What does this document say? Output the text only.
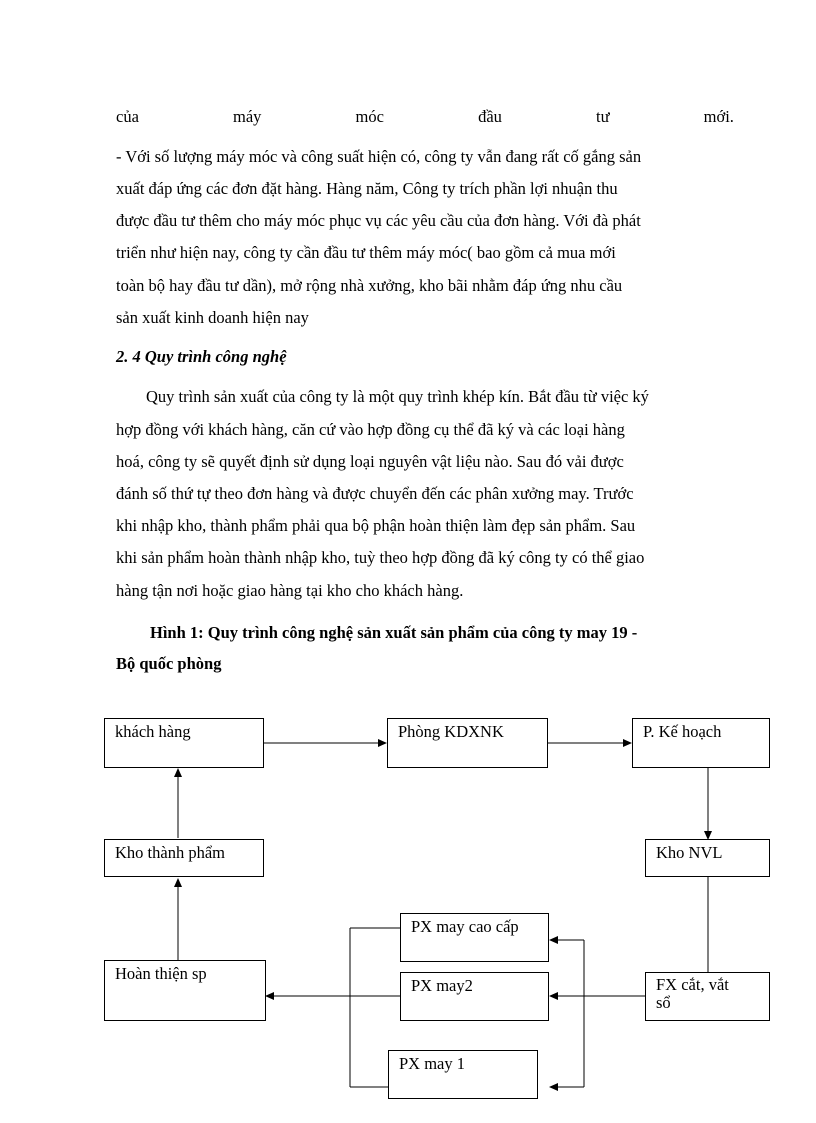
của	máy	móc	đầu	tư	mới.
- Với số lượng máy móc và công suất hiện có, công ty vẫn đang rất cố gắng sản
xuất đáp ứng các đơn đặt hàng. Hàng năm, Công ty trích phần lợi nhuận thu
được đầu tư thêm cho máy móc phục vụ các yêu cầu của đơn hàng. Với đà phát
triển như hiện nay, công ty cần đầu tư thêm máy móc( bao gồm cả mua mới
toàn bộ hay đầu tư dần), mở rộng nhà xưởng, kho bãi nhằm đáp ứng nhu cầu
sản xuất kinh doanh hiện nay
2. 4 Quy trình công nghệ
Quy trình sản xuất của công ty là một quy trình khép kín. Bắt đầu từ việc ký
hợp đồng với khách hàng, căn cứ vào hợp đồng cụ thể đã ký và các loại hàng
hoá, công ty sẽ quyết định sử dụng loại nguyên vật liệu nào. Sau đó vải được
đánh số thứ tự theo đơn hàng và được chuyển đến các phân xưởng may. Trước
khi nhập kho, thành phẩm phải qua bộ phận hoàn thiện làm đẹp sản phẩm. Sau
khi sản phẩm hoàn thành nhập kho, tuỳ theo hợp đồng đã ký công ty có thể giao
hàng tận nơi hoặc giao hàng tại kho cho khách hàng.
Hình 1: Quy trình công nghệ sản xuất sản phẩm của công ty may 19 -
Bộ quốc phòng
khách hàng	Phòng KDXNK	P. Kế hoạch
Kho thành phẩm	Kho NVL
PX may cao cấp
Hoàn thiện sp
PX may2	FX cắt, vắt
sổ
PX may 1
